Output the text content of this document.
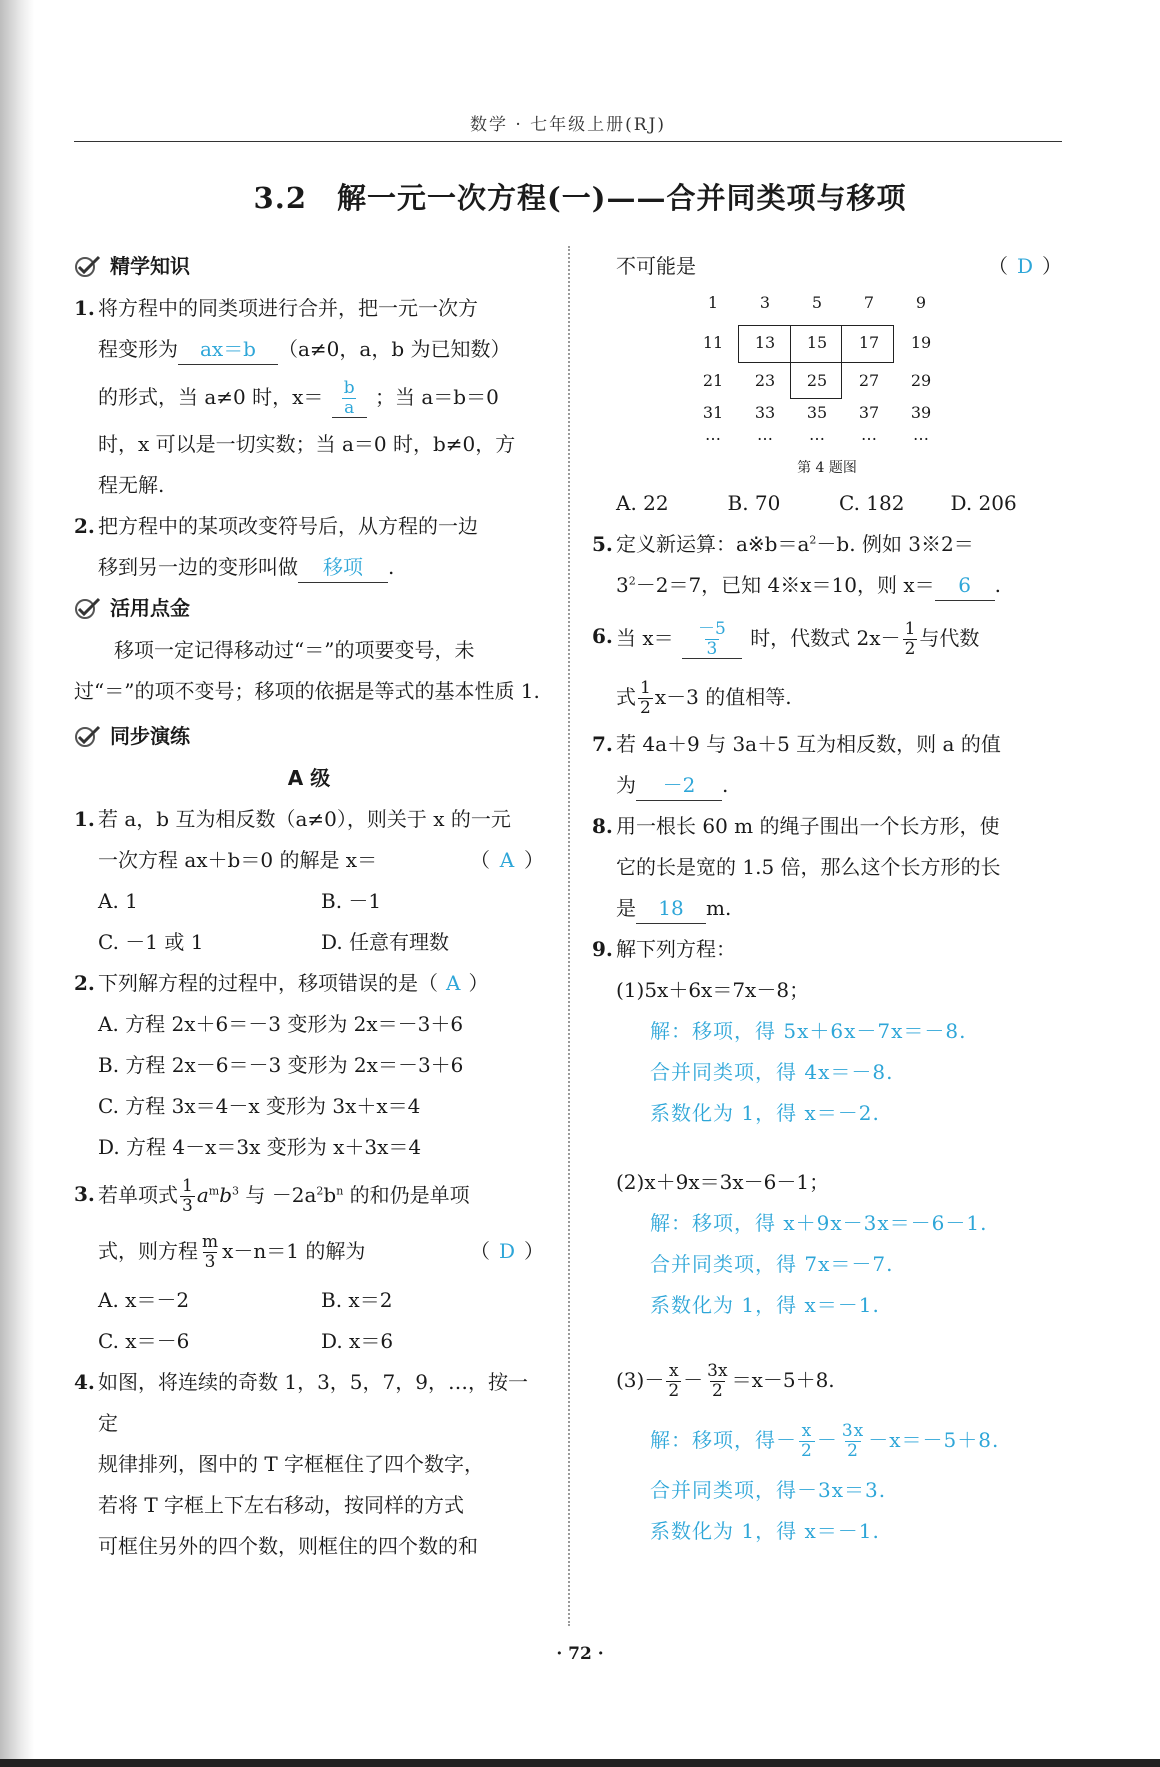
数学 · 七年级上册(RJ)
3.2　解一元一次方程(一)——合并同类项与移项
精学知识
1. 将方程中的同类项进行合并，把一元一次方
程变形为 ax＝b （a≠0，a，b 为已知数）
的形式，当 a≠0 时，$x= \frac{b}{a}$ ；当 a＝b＝0
时，x 可以是一切实数；当 a＝0 时，b≠0，方
程无解.
2. 把方程中的某项改变符号后，从方程的一边
移到另一边的变形叫做 移项 .
活用点金
移项一定记得移动过“＝”的项要变号，未过“＝”的项不变号；移项的依据是等式的基本性质 1.
同步演练
A 级
1. 若 a，b 互为相反数（a≠0），则关于 x 的一元
一次方程 ax＋b＝0 的解是 x＝	（ A ）
A. 1	B. －1
C. －1 或 1	D. 任意有理数
2. 下列解方程的过程中，移项错误的是（ A ）
A. 方程 2x＋6＝－3 变形为 2x＝－3＋6
B. 方程 2x－6＝－3 变形为 2x＝－3＋6
C. 方程 3x＝4－x 变形为 3x＋x＝4
D. 方程 4－x＝3x 变形为 x＋3x＝4
3. 若单项式 $\frac{1}{3} a^mb^3$ 与 $-2a^2b^n$ 的和仍是单项
式，则方程 $\frac{m}{3} x-n=1$ 的解为	（ D ）
A. x＝－2	B. x＝2
C. x＝－6	D. x＝6
4. 如图，将连续的奇数 1，3，5，7，9，…，按一定
规律排列，图中的 T 字框框住了四个数字，
若将 T 字框上下左右移动，按同样的方式
可框住另外的四个数，则框住的四个数的和
不可能是	（ D ）
1	3	5	7	9
11	13	15	17	19
21	23	25	27	29
31	33	35	37	39
…	…	…	…	…
第 4 题图
A. 22	B. 70	C. 182	D. 206
5. 定义新运算：$a※b=a^2-b$. 例如 3※2＝
$3^2-2=7$，已知 4※x＝10，则 x＝ 6 .
6. 当 $x= \frac{-5}{3}$ 时，代数式 $2x- \frac{1}{2}$ 与代数
式 $\frac{1}{2} x-3$ 的值相等.
7. 若 4a＋9 与 3a＋5 互为相反数，则 a 的值
为 －2 .
8. 用一根长 60 m 的绳子围出一个长方形，使
它的长是宽的 1.5 倍，那么这个长方形的长
是 18 m.
9. 解下列方程：
(1)5x＋6x＝7x－8；
解：移项，得 5x＋6x－7x＝－8.
合并同类项，得 4x＝－8.
系数化为 1，得 x＝－2.
(2)x＋9x＝3x－6－1；
解：移项，得 x＋9x－3x＝－6－1.
合并同类项，得 7x＝－7.
系数化为 1，得 x＝－1.
$(3)- \frac{x}{2} - \frac{3x}{2} =x-5+8$.
解：移项，得－ $\frac{x}{2} - \frac{3x}{2} -x=-5+8$.
合并同类项，得－3x＝3.
系数化为 1，得 x＝－1.
· 72 ·
